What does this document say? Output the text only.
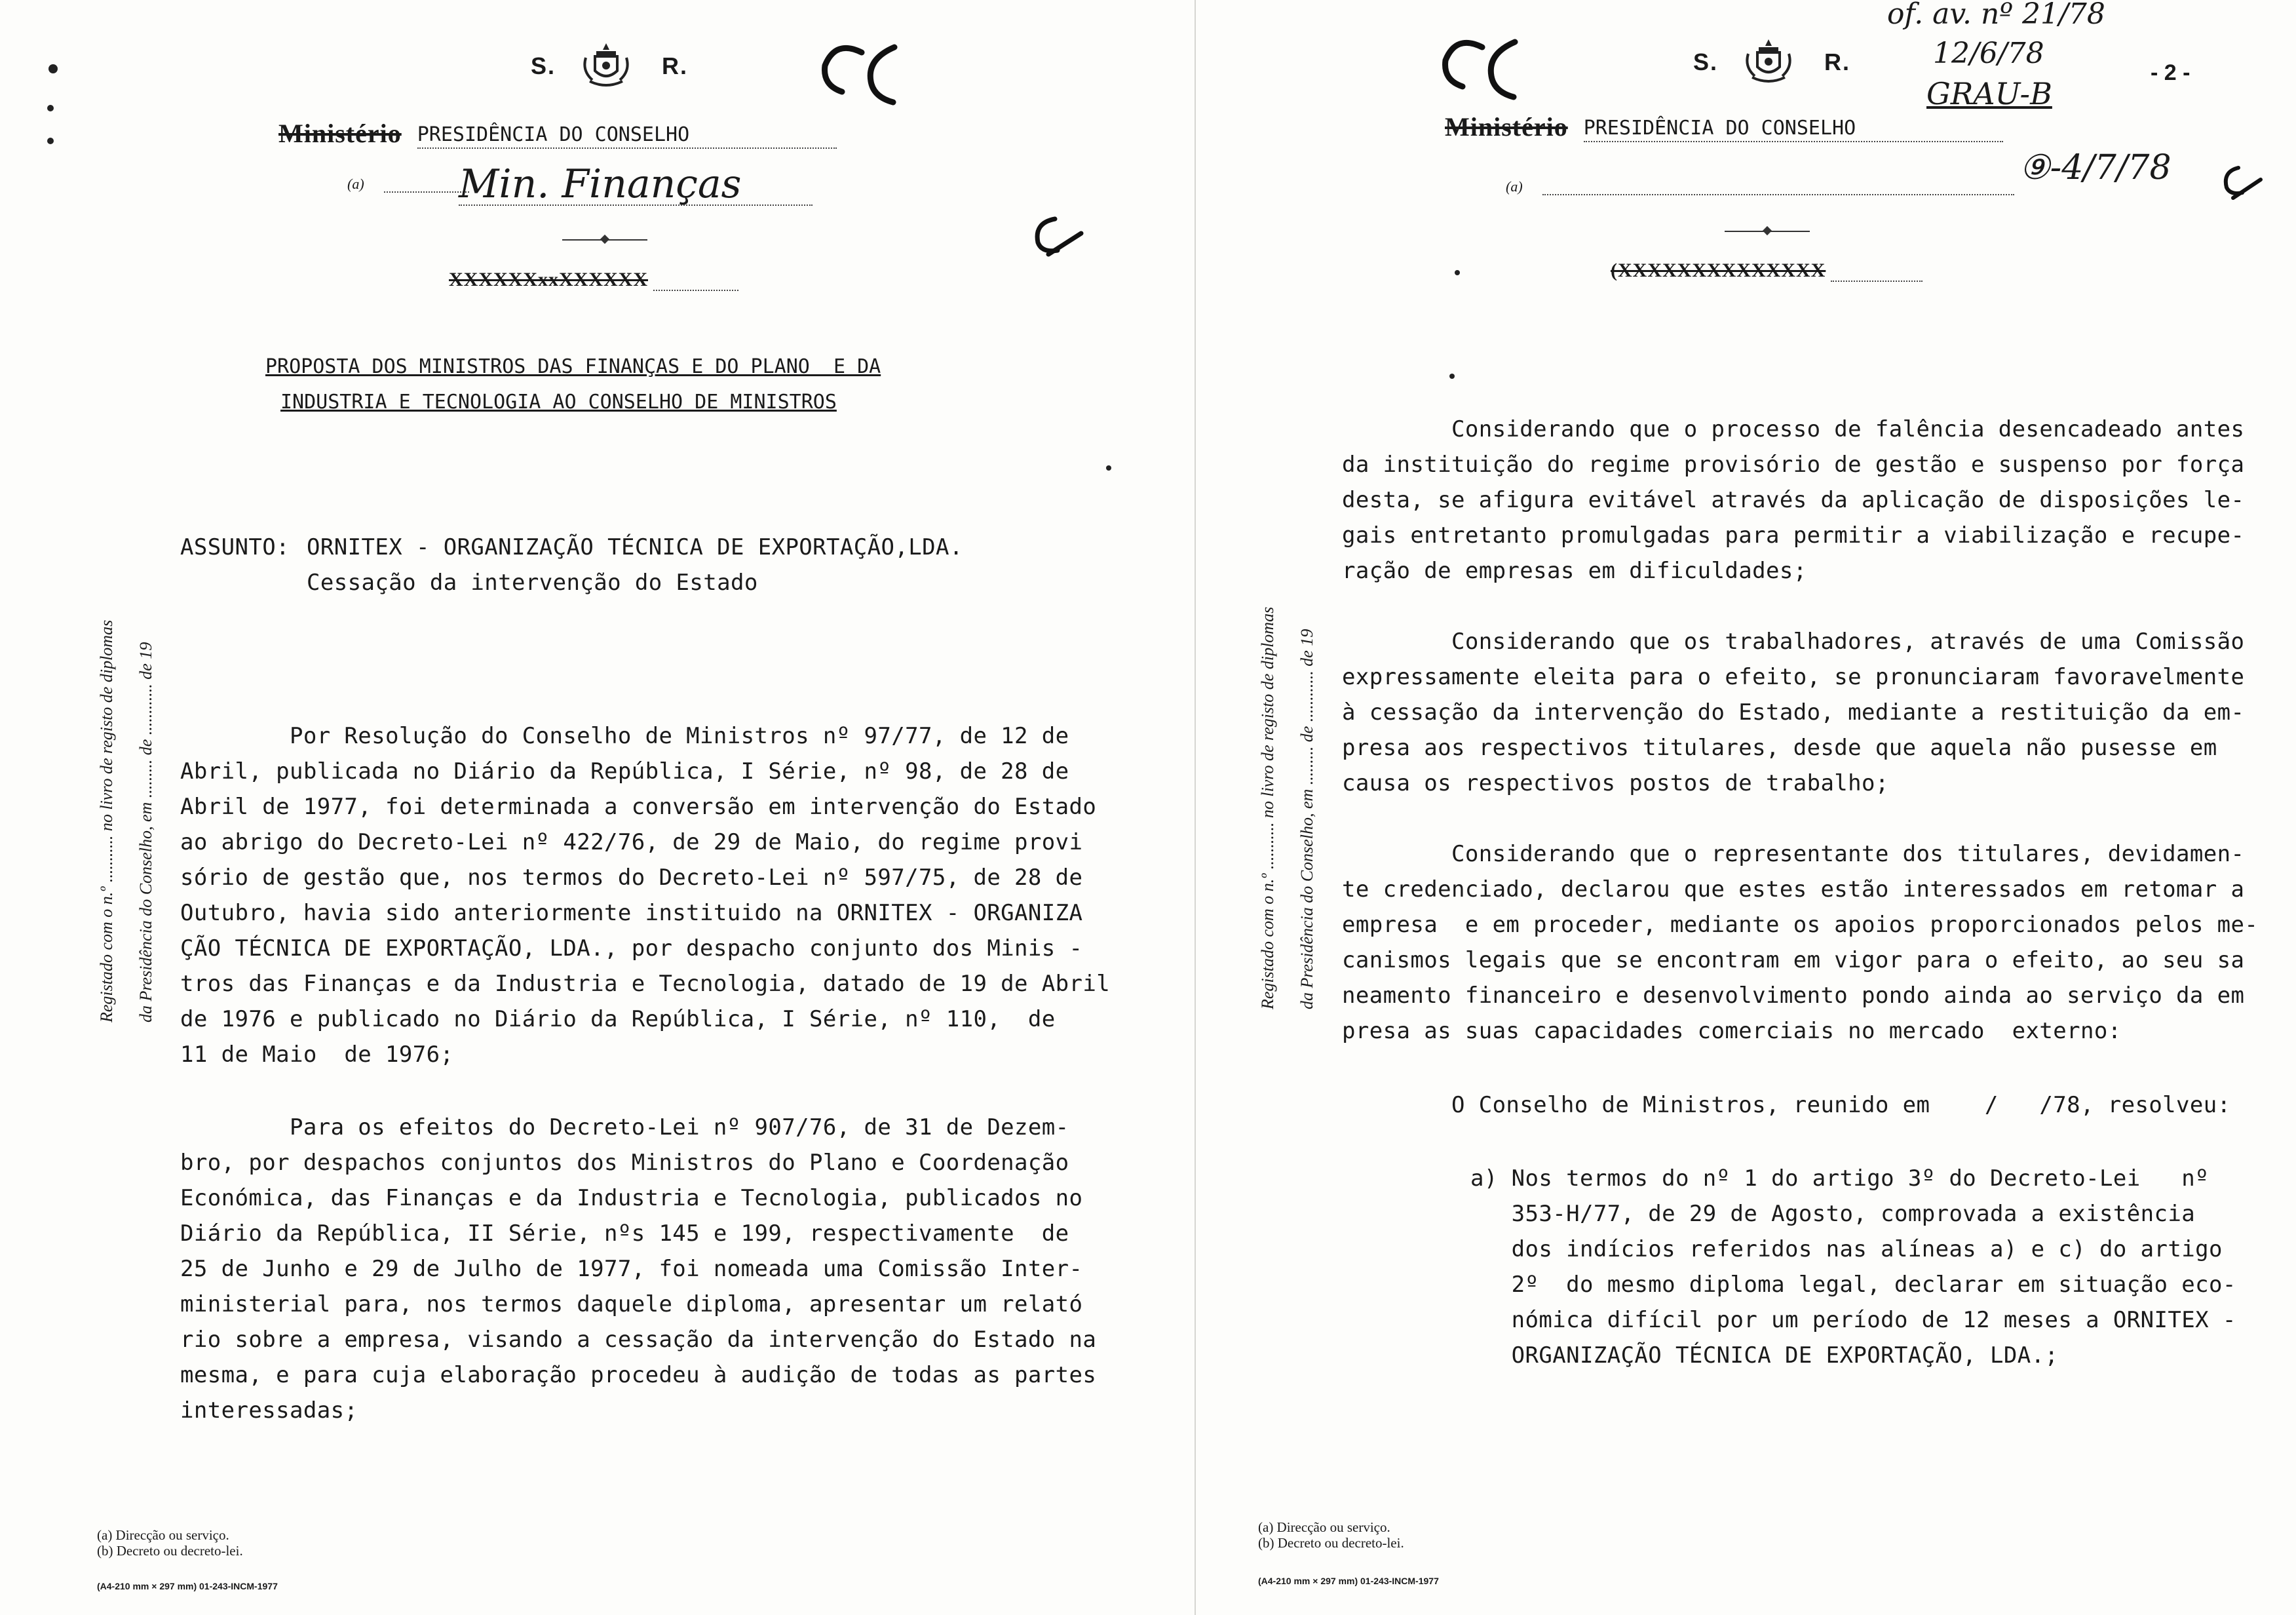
S.	R.
Ministério PRESIDÊNCIA DO CONSELHO
(a) Min. Finanças
XXXXXXxxXXXXXX
PROPOSTA DOS MINISTROS DAS FINANÇAS E DO PLANO  E DA
INDUSTRIA E TECNOLOGIA AO CONSELHO DE MINISTROS
ASSUNTO: ORNITEX - ORGANIZAÇÃO TÉCNICA DE EXPORTAÇÃO,LDA.
Cessação da intervenção do Estado
Por Resolução do Conselho de Ministros nº 97/77, de 12 de
Abril, publicada no Diário da República, I Série, nº 98, de 28 de
Abril de 1977, foi determinada a conversão em intervenção do Estado
ao abrigo do Decreto-Lei nº 422/76, de 29 de Maio, do regime provi
sório de gestão que, nos termos do Decreto-Lei nº 597/75, de 28 de
Outubro, havia sido anteriormente instituido na ORNITEX - ORGANIZA
ÇÃO TÉCNICA DE EXPORTAÇÃO, LDA., por despacho conjunto dos Minis -
tros das Finanças e da Industria e Tecnologia, datado de 19 de Abril
de 1976 e publicado no Diário da República, I Série, nº 110,  de
11 de Maio  de 1976;
Para os efeitos do Decreto-Lei nº 907/76, de 31 de Dezem-
bro, por despachos conjuntos dos Ministros do Plano e Coordenação
Económica, das Finanças e da Industria e Tecnologia, publicados no
Diário da República, II Série, nºs 145 e 199, respectivamente  de
25 de Junho e 29 de Julho de 1977, foi nomeada uma Comissão Inter-
ministerial para, nos termos daquele diploma, apresentar um relató
rio sobre a empresa, visando a cessação da intervenção do Estado na
mesma, e para cuja elaboração procedeu à audição de todas as partes
interessadas;
Registado com o n.º ........... no livro de registo de diplomas da Presidência do Conselho, em ......... de ............ de 19
(a) Direcção ou serviço.
(b) Decreto ou decreto-lei.
(A4-210 mm × 297 mm) 01-243-INCM-1977
S.	R.
of. av. nº 21/78
12/6/78
GRAU-B
- 2 -
Ministério PRESIDÊNCIA DO CONSELHO
(a)	⑨-4/7/78
(XXXXXXXXXXXXXX
Considerando que o processo de falência desencadeado antes
da instituição do regime provisório de gestão e suspenso por força
desta, se afigura evitável através da aplicação de disposições le-
gais entretanto promulgadas para permitir a viabilização e recupe-
ração de empresas em dificuldades;
Considerando que os trabalhadores, através de uma Comissão
expressamente eleita para o efeito, se pronunciaram favoravelmente
à cessação da intervenção do Estado, mediante a restituição da em-
presa aos respectivos titulares, desde que aquela não pusesse em
causa os respectivos postos de trabalho;
Considerando que o representante dos titulares, devidamen-
te credenciado, declarou que estes estão interessados em retomar a
empresa  e em proceder, mediante os apoios proporcionados pelos me-
canismos legais que se encontram em vigor para o efeito, ao seu sa
neamento financeiro e desenvolvimento pondo ainda ao serviço da em
presa as suas capacidades comerciais no mercado  externo:
O Conselho de Ministros, reunido em    /   /78, resolveu:
a) Nos termos do nº 1 do artigo 3º do Decreto-Lei   nº
353-H/77, de 29 de Agosto, comprovada a existência
dos indícios referidos nas alíneas a) e c) do artigo
2º  do mesmo diploma legal, declarar em situação eco-
nómica difícil por um período de 12 meses a ORNITEX -
ORGANIZAÇÃO TÉCNICA DE EXPORTAÇÃO, LDA.;
Registado com o n.º ........... no livro de registo de diplomas da Presidência do Conselho, em ......... de ............ de 19
(a) Direcção ou serviço.
(b) Decreto ou decreto-lei.
(A4-210 mm × 297 mm) 01-243-INCM-1977
